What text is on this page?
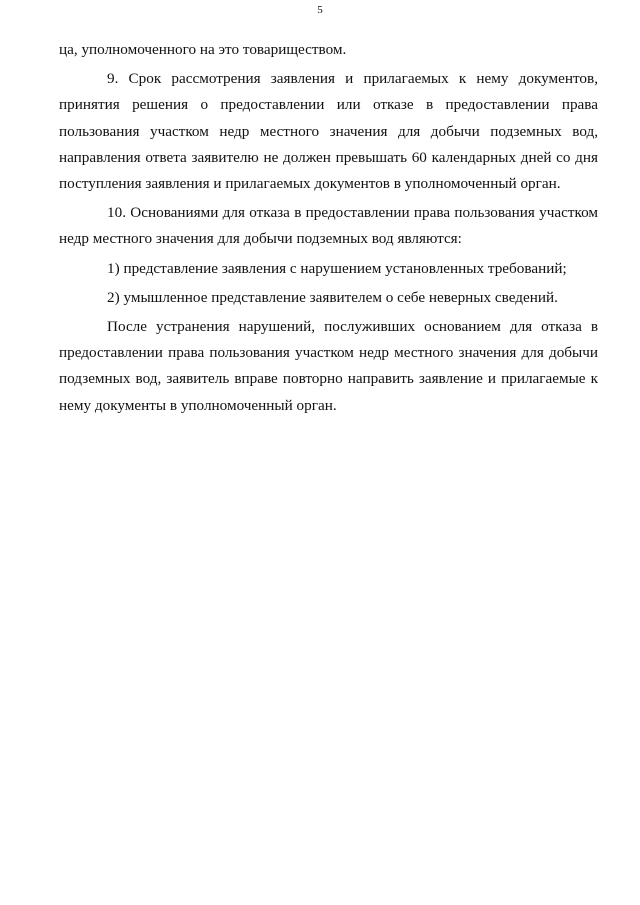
5

ца, уполномоченного на это товариществом.

9. Срок рассмотрения заявления и прилагаемых к нему документов, принятия решения о предоставлении или отказе в предоставлении права пользования участком недр местного значения для добычи подземных вод, направления ответа заявителю не должен превышать 60 календарных дней со дня поступления заявления и прилагаемых документов в уполномоченный орган.

10. Основаниями для отказа в предоставлении права пользования участком недр местного значения для добычи подземных вод являются:

1) представление заявления с нарушением установленных требований;

2) умышленное представление заявителем о себе неверных сведений.

После устранения нарушений, послуживших основанием для отказа в предоставлении права пользования участком недр местного значения для добычи подземных вод, заявитель вправе повторно направить заявление и прилагаемые к нему документы в уполномоченный орган.
